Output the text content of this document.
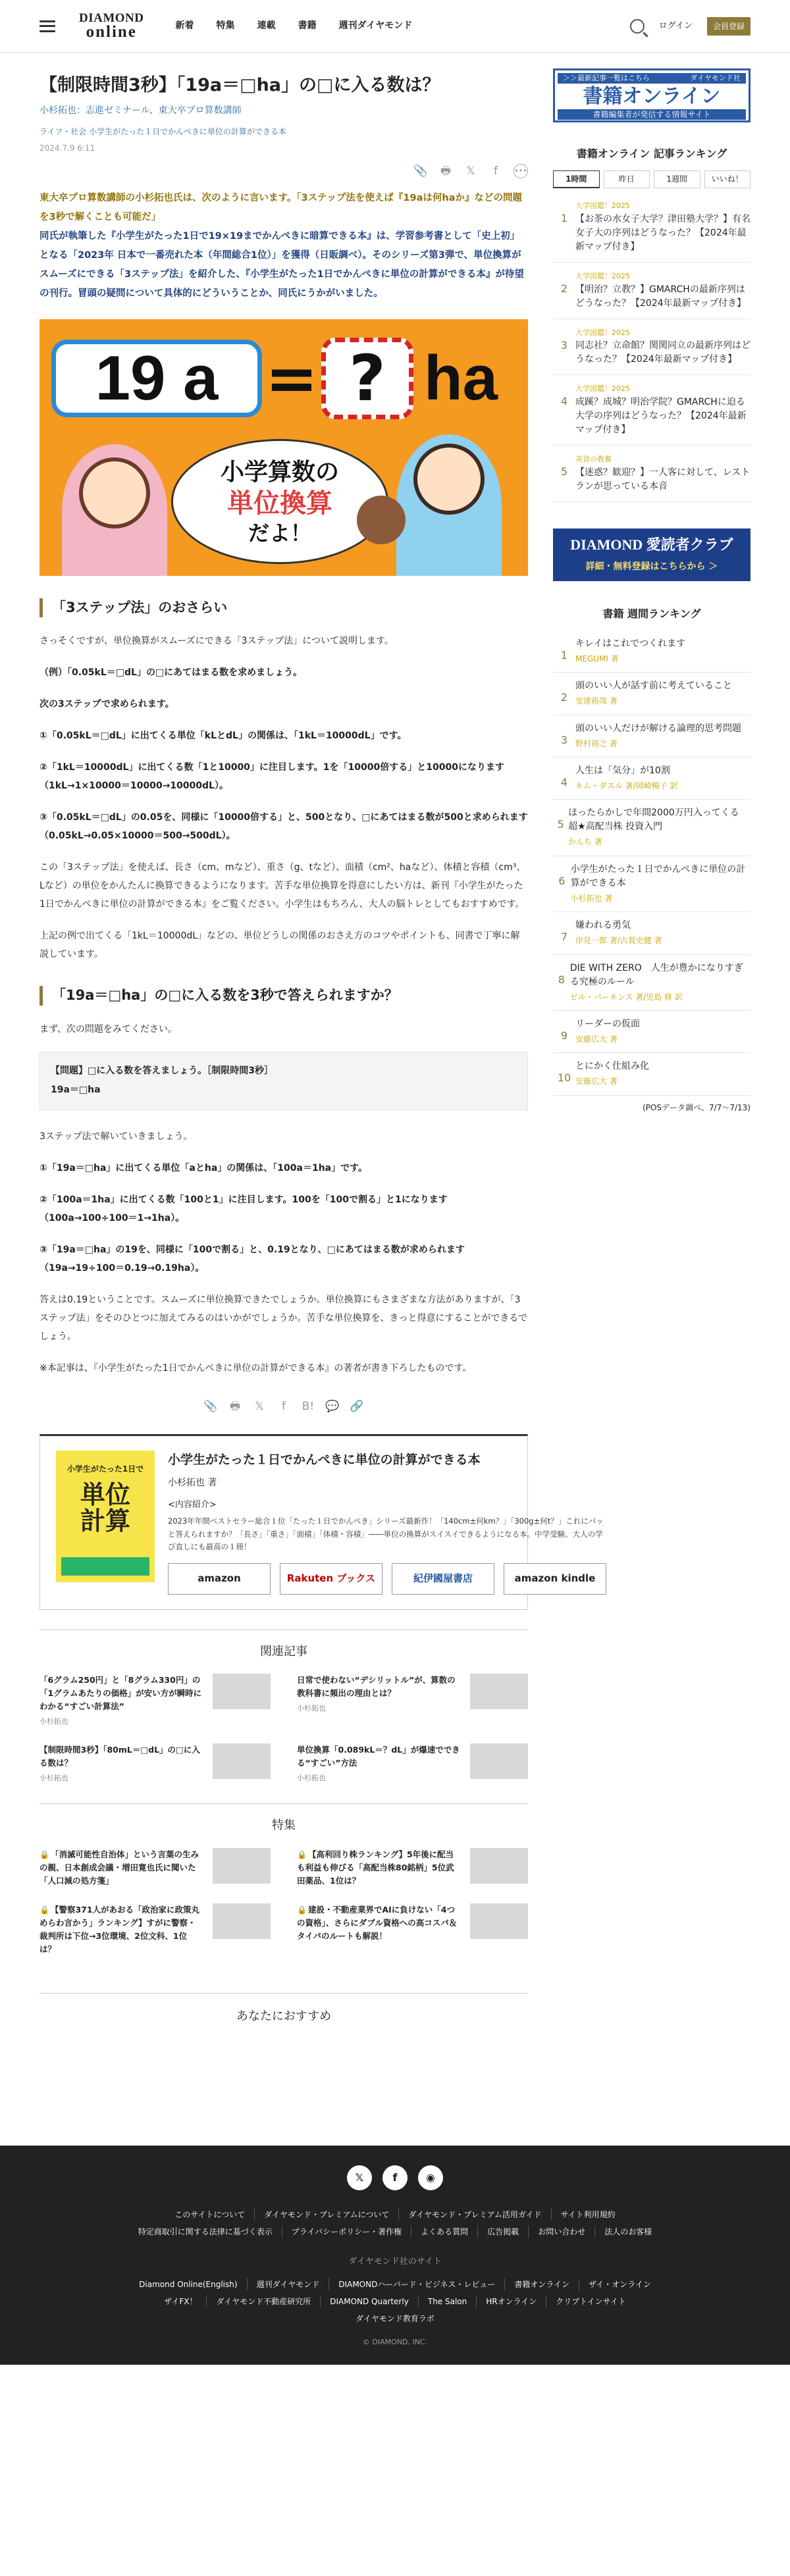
DIAMOND
online	新着 特集 連載 書籍 週刊ダイヤモンド	ログイン	会員登録
【制限時間3秒】「19a＝□ha」の□に入る数は？
小杉拓也：志進ゼミナール、東大卒プロ算数講師
ライフ・社会 小学生がたった１日でかんぺきに単位の計算ができる本
2024.7.9 6:11
📎 🖶 𝕏	f	•••

東大卒プロ算数講師の小杉拓也氏は、次のように言います。「3ステップ法を使えば『19aは何haか』などの問題を3秒で解くことも可能だ」

同氏が執筆した『小学生がたった1日で19×19までかんぺきに暗算できる本』は、学習参考書として「史上初」となる「2023年 日本で一番売れた本（年間総合1位）」を獲得（日販調べ）。そのシリーズ第3弾で、単位換算がスムーズにできる「3ステップ法」を紹介した、『小学生がたった1日でかんぺきに単位の計算ができる本』が待望の刊行。冒頭の疑問について具体的にどういうことか、同氏にうかがいました。

19 a = ? ha
小学算数の
単位換算
だよ！
「3ステップ法」のおさらい

さっそくですが、単位換算がスムーズにできる「3ステップ法」について説明します。

（例）「0.05kL＝□dL」の□にあてはまる数を求めましょう。

次の3ステップで求められます。

①「0.05kL＝□dL」に出てくる単位「kLとdL」の関係は、「1kL＝10000dL」です。

②「1kL＝10000dL」に出てくる数「1と10000」に注目します。1を「10000倍する」と10000になります（1kL→1×10000＝10000→10000dL）。

③「0.05kL＝□dL」の0.05を、同様に「10000倍する」と、500となり、□にあてはまる数が500と求められます（0.05kL→0.05×10000＝500→500dL）。

この「3ステップ法」を使えば、長さ（cm、mなど）、重さ（g、tなど）、面積（cm²、haなど）、体積と容積（cm³、Lなど）の単位をかんたんに換算できるようになります。苦手な単位換算を得意にしたい方は、新刊『小学生がたった1日でかんぺきに単位の計算ができる本』をご覧ください。小学生はもちろん、大人の脳トレとしてもおすすめです。

上記の例で出てくる「1kL＝10000dL」などの、単位どうしの関係のおさえ方のコツやポイントも、同書で丁寧に解説しています。

「19a＝□ha」の□に入る数を3秒で答えられますか？

まず、次の問題をみてください。

【問題】□に入る数を答えましょう。［制限時間3秒］
19a＝□ha

3ステップ法で解いていきましょう。

①「19a＝□ha」に出てくる単位「aとha」の関係は、「100a＝1ha」です。

②「100a＝1ha」に出てくる数「100と1」に注目します。100を「100で割る」と1になります（100a→100÷100＝1→1ha）。

③「19a＝□ha」の19を、同様に「100で割る」と、0.19となり、□にあてはまる数が求められます（19a→19÷100＝0.19→0.19ha）。

答えは0.19ということです。スムーズに単位換算できたでしょうか。単位換算にもさまざまな方法がありますが、「3ステップ法」をそのひとつに加えてみるのはいかがでしょうか。苦手な単位換算を、きっと得意にすることができるでしょう。

※本記事は、『小学生がたった1日でかんぺきに単位の計算ができる本』の著者が書き下ろしたものです。

📎 🖶 𝕏	f	B! 💬 🔗
小学生がたった1日で
単位
計算
小学生がたった１日でかんぺきに単位の計算ができる本
小杉拓也 著
<内容紹介>
2023年年間ベストセラー総合１位「たった１日でかんぺき」シリーズ最新作！「140cm±何km？」「300g±何t？」これにパッと答えられますか？「長さ」「重さ」「面積」「体積・容積」――単位の換算がスイスイできるようになる本。中学受験、大人の学び直しにも最高の１冊！
amazon	Rakuten ブックス	紀伊國屋書店	amazon kindle
関連記事
「6グラム250円」と「8グラム330円」の「1グラムあたりの価格」が安い方が瞬時にわかる“すごい計算法”
小杉拓也
日常で使わない“デシリットル”が、算数の教科書に頻出の理由とは？
小杉拓也
【制限時間3秒】「80mL＝□dL」の□に入る数は？
小杉拓也
単位換算「0.089kL＝？dL」が爆速でできる“すごい”方法
小杉拓也
特集
🔒 「消滅可能性自治体」という言葉の生みの親、日本創成会議・増田寛也氏に聞いた「人口減の処方箋」
🔒 【高利回り株ランキング】5年後に配当も利益も伸びる「高配当株80銘柄」5位武田薬品、1位は？
🔒 【警察371人があおる「政治家に政策丸めらわ言かう」ランキング】すがに警察・裁判所は下位→3位環境、2位文科、1位は？
🔒 建設・不動産業界でAIに負けない「4つの資格」、さらにダブル資格への高コスパ＆タイパのルートも解説！
あなたにおすすめ
＞＞最新記事一覧はこちら	ダイヤモンド社
書籍オンライン
書籍編集者が発信する情報サイト
書籍オンライン 記事ランキング
1時間	昨日	1週間	いいね！
1
大学図鑑！2025
【お茶の水女子大学？津田塾大学？】有名女子大の序列はどうなった？【2024年最新マップ付き】
2
大学図鑑！2025
【明治？立教？】GMARCHの最新序列はどうなった？【2024年最新マップ付き】
3
大学図鑑！2025
同志社？立命館？関関同立の最新序列はどうなった？【2024年最新マップ付き】
4
大学図鑑！2025
成蹊？成城？明治学院？GMARCHに迫る大学の序列はどうなった？【2024年最新マップ付き】
5
美食の教養
【迷惑？歓迎？】一人客に対して、レストランが思っている本音
DIAMOND 愛読者クラブ
詳細・無料登録はこちらから ＞
書籍 週間ランキング
1
キレイはこれでつくれます
MEGUMI 著
2
頭のいい人が話す前に考えていること
安達裕哉 著
3
頭のいい人だけが解ける論理的思考問題
野村裕之 著
4
人生は「気分」が10割
キム・ダスル 著/岡崎暢子 訳
5
ほったらかしで年間2000万円入ってくる 超★高配当株 投資入門
かんち 著
6
小学生がたった１日でかんぺきに単位の計算ができる本
小杉拓也 著
7
嫌われる勇気
岸見一郎 著/古賀史健 著
8
DIE WITH ZERO　人生が豊かになりすぎる究極のルール
ビル・パーキンス 著/児島 修 訳
9
リーダーの仮面
安藤広大 著
10
とにかく仕組み化
安藤広大 著
(POSデータ調べ、7/7〜7/13)
𝕏	f	◉
このサイトについて	ダイヤモンド・プレミアムについて	ダイヤモンド・プレミアム活用ガイド	サイト利用規約
特定商取引に関する法律に基づく表示	プライバシーポリシー・著作権	よくある質問	広告掲載	お問い合わせ	法人のお客様
ダイヤモンド社のサイト
Diamond Online(English)	週刊ダイヤモンド	DIAMONDハーバード・ビジネス・レビュー	書籍オンライン	ザイ・オンライン
ザイFX！	ダイヤモンド不動産研究所	DIAMOND Quarterly	The Salon	HRオンライン	クリプトインサイト
ダイヤモンド教育ラボ
© DIAMOND, INC.
